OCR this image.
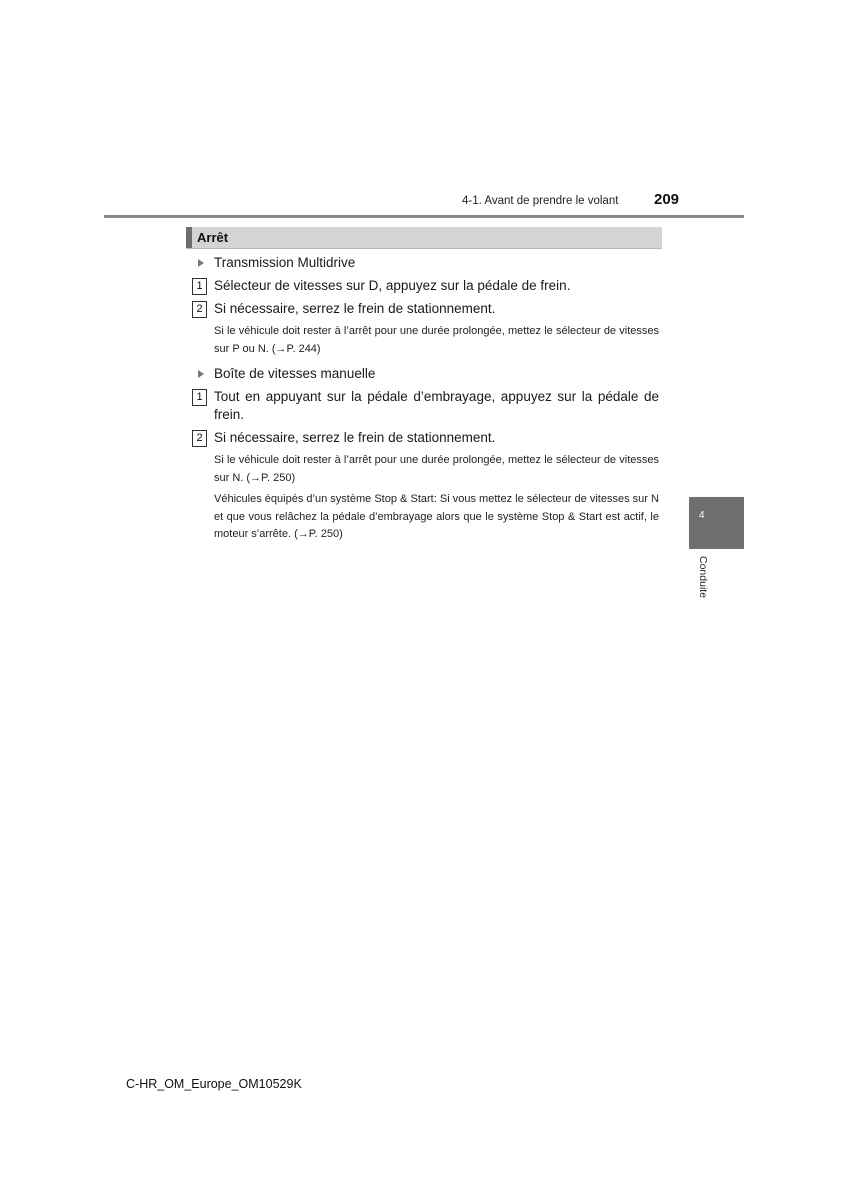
4-1. Avant de prendre le volant 209
Arrêt
Transmission Multidrive
1 Sélecteur de vitesses sur D, appuyez sur la pédale de frein.
2 Si nécessaire, serrez le frein de stationnement.
Si le véhicule doit rester à l’arrêt pour une durée prolongée, mettez le sélecteur de vitesses sur P ou N. (→P. 244)
Boîte de vitesses manuelle
1 Tout en appuyant sur la pédale d’embrayage, appuyez sur la pédale de frein.
2 Si nécessaire, serrez le frein de stationnement.
Si le véhicule doit rester à l’arrêt pour une durée prolongée, mettez le sélecteur de vitesses sur N. (→P. 250)
Véhicules équipés d’un système Stop & Start: Si vous mettez le sélecteur de vitesses sur N et que vous relâchez la pédale d’embrayage alors que le système Stop & Start est actif, le moteur s’arrête. (→P. 250)
4
Conduite
C-HR_OM_Europe_OM10529K
